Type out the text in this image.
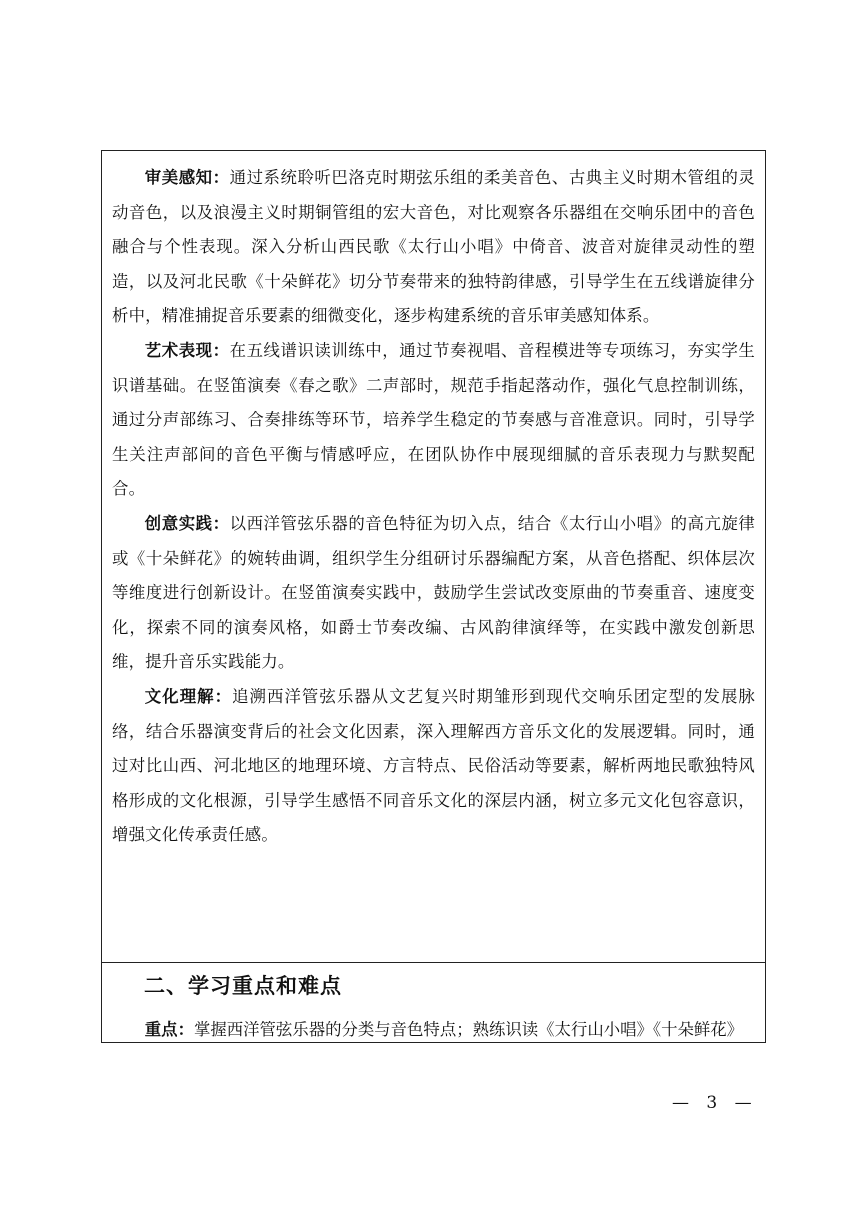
审美感知：通过系统聆听巴洛克时期弦乐组的柔美音色、古典主义时期木管组的灵动音色，以及浪漫主义时期铜管组的宏大音色，对比观察各乐器组在交响乐团中的音色融合与个性表现。深入分析山西民歌《太行山小唱》中倚音、波音对旋律灵动性的塑造，以及河北民歌《十朵鲜花》切分节奏带来的独特韵律感，引导学生在五线谱旋律分析中，精准捕捉音乐要素的细微变化，逐步构建系统的音乐审美感知体系。

艺术表现：在五线谱识读训练中，通过节奏视唱、音程模进等专项练习，夯实学生识谱基础。在竖笛演奏《春之歌》二声部时，规范手指起落动作，强化气息控制训练，通过分声部练习、合奏排练等环节，培养学生稳定的节奏感与音准意识。同时，引导学生关注声部间的音色平衡与情感呼应，在团队协作中展现细腻的音乐表现力与默契配合。

创意实践：以西洋管弦乐器的音色特征为切入点，结合《太行山小唱》的高亢旋律或《十朵鲜花》的婉转曲调，组织学生分组研讨乐器编配方案，从音色搭配、织体层次等维度进行创新设计。在竖笛演奏实践中，鼓励学生尝试改变原曲的节奏重音、速度变化，探索不同的演奏风格，如爵士节奏改编、古风韵律演绎等，在实践中激发创新思维，提升音乐实践能力。

文化理解：追溯西洋管弦乐器从文艺复兴时期雏形到现代交响乐团定型的发展脉络，结合乐器演变背后的社会文化因素，深入理解西方音乐文化的发展逻辑。同时，通过对比山西、河北地区的地理环境、方言特点、民俗活动等要素，解析两地民歌独特风格形成的文化根源，引导学生感悟不同音乐文化的深层内涵，树立多元文化包容意识，增强文化传承责任感。

二、学习重点和难点

重点：掌握西洋管弦乐器的分类与音色特点；熟练识读《太行山小唱》《十朵鲜花》

— 3 —
